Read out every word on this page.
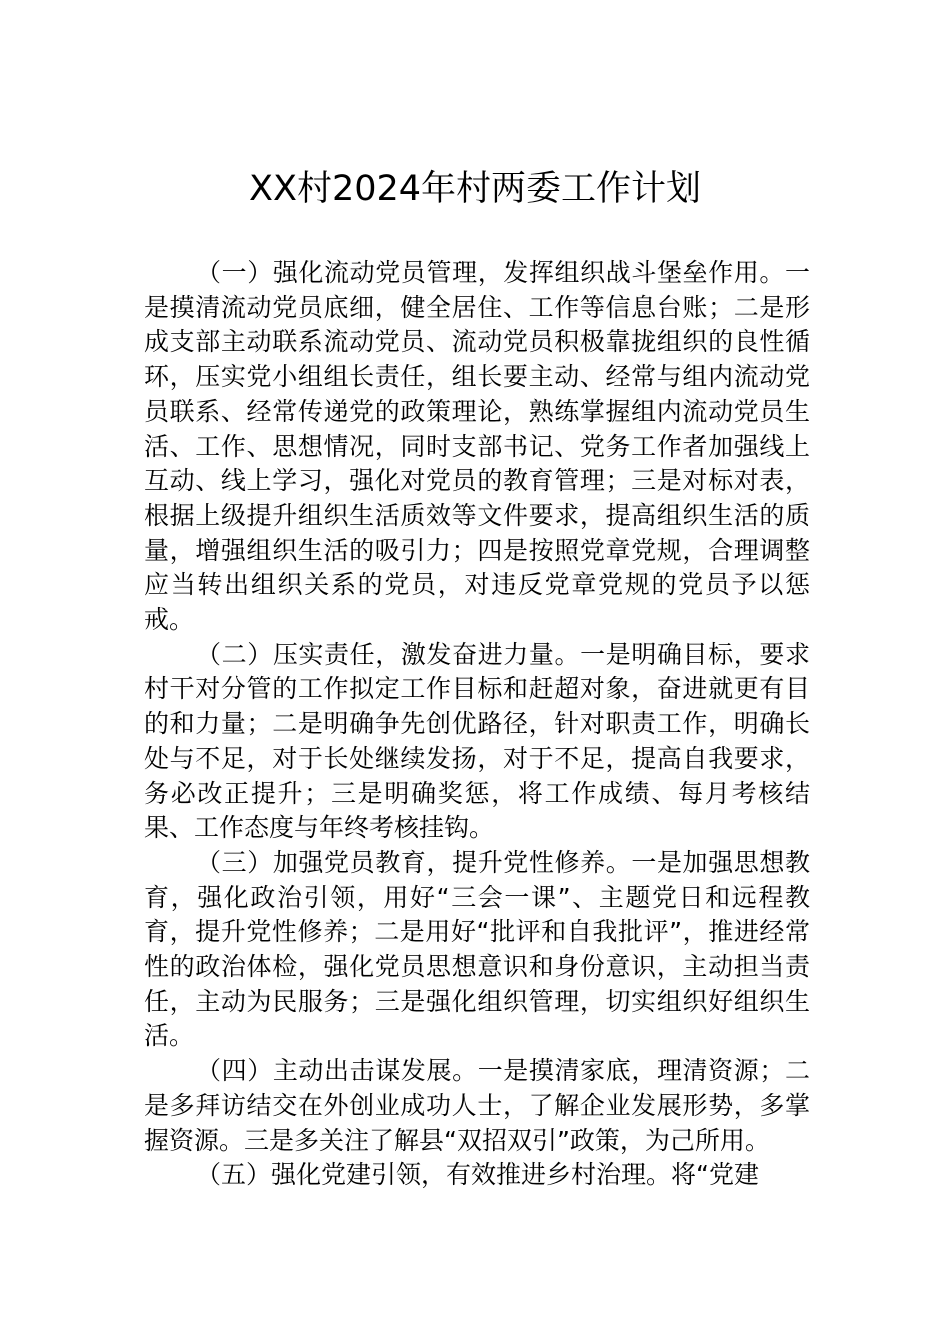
XX村2024年村两委工作计划

（一）强化流动党员管理，发挥组织战斗堡垒作用。一是摸清流动党员底细，健全居住、工作等信息台账；二是形成支部主动联系流动党员、流动党员积极靠拢组织的良性循环，压实党小组组长责任，组长要主动、经常与组内流动党员联系、经常传递党的政策理论，熟练掌握组内流动党员生活、工作、思想情况，同时支部书记、党务工作者加强线上互动、线上学习，强化对党员的教育管理；三是对标对表，根据上级提升组织生活质效等文件要求，提高组织生活的质量，增强组织生活的吸引力；四是按照党章党规，合理调整应当转出组织关系的党员，对违反党章党规的党员予以惩戒。

（二）压实责任，激发奋进力量。一是明确目标，要求村干对分管的工作拟定工作目标和赶超对象，奋进就更有目的和力量；二是明确争先创优路径，针对职责工作，明确长处与不足，对于长处继续发扬，对于不足，提高自我要求，务必改正提升；三是明确奖惩，将工作成绩、每月考核结果、工作态度与年终考核挂钩。

（三）加强党员教育，提升党性修养。一是加强思想教育，强化政治引领，用好“三会一课”、主题党日和远程教育，提升党性修养；二是用好“批评和自我批评”，推进经常性的政治体检，强化党员思想意识和身份意识，主动担当责任，主动为民服务；三是强化组织管理，切实组织好组织生活。

（四）主动出击谋发展。一是摸清家底，理清资源；二是多拜访结交在外创业成功人士，了解企业发展形势，多掌握资源。三是多关注了解县“双招双引”政策，为己所用。

（五）强化党建引领，有效推进乡村治理。将“党建
